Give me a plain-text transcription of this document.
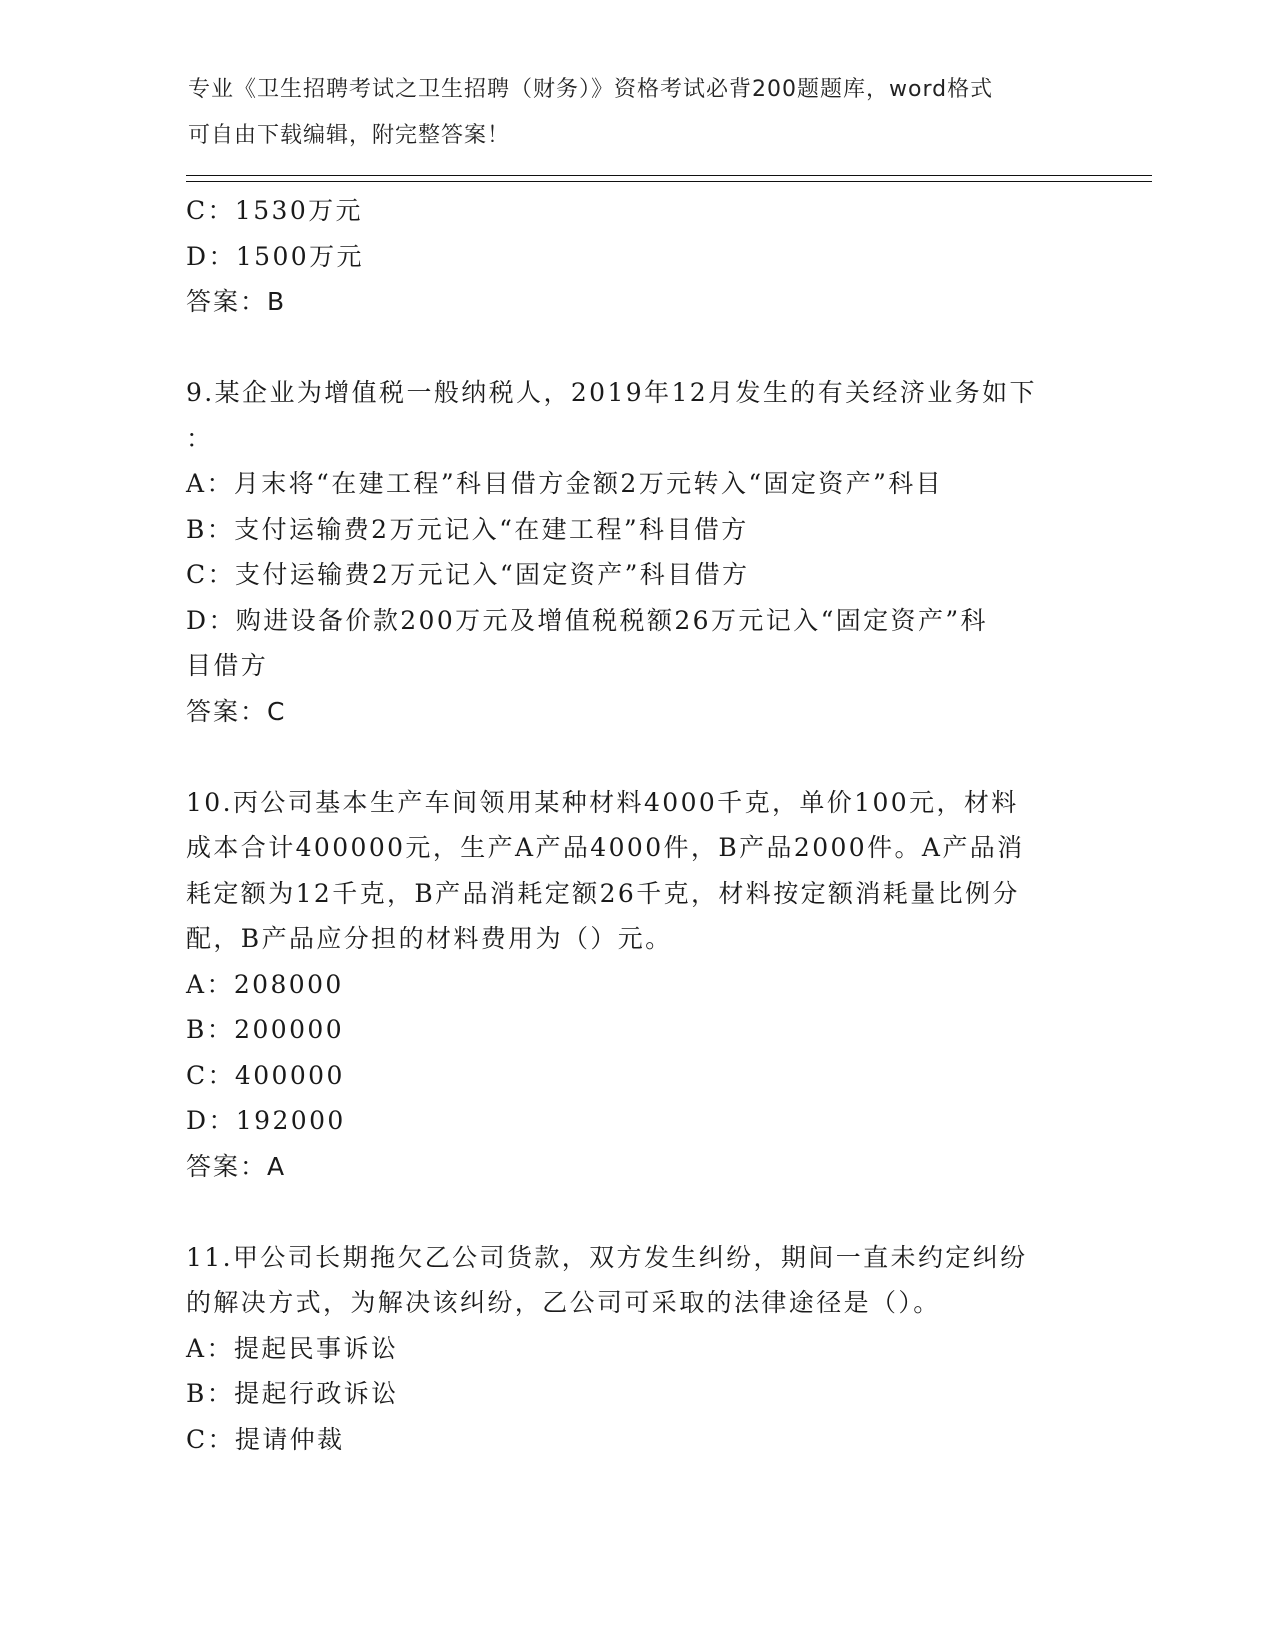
专业《卫生招聘考试之卫生招聘（财务）》资格考试必背200题题库，word格式
可自由下载编辑，附完整答案！
C：1530万元
D：1500万元
答案：B
9.某企业为增值税一般纳税人，2019年12月发生的有关经济业务如下
：
A：月末将“在建工程”科目借方金额2万元转入“固定资产”科目
B：支付运输费2万元记入“在建工程”科目借方
C：支付运输费2万元记入“固定资产”科目借方
D：购进设备价款200万元及增值税税额26万元记入“固定资产”科
目借方
答案：C
10.丙公司基本生产车间领用某种材料4000千克，单价100元，材料
成本合计400000元，生产A产品4000件，B产品2000件。A产品消
耗定额为12千克，B产品消耗定额26千克，材料按定额消耗量比例分
配，B产品应分担的材料费用为（）元。
A：208000
B：200000
C：400000
D：192000
答案：A
11.甲公司长期拖欠乙公司货款，双方发生纠纷，期间一直未约定纠纷
的解决方式，为解决该纠纷，乙公司可采取的法律途径是（）。
A：提起民事诉讼
B：提起行政诉讼
C：提请仲裁
